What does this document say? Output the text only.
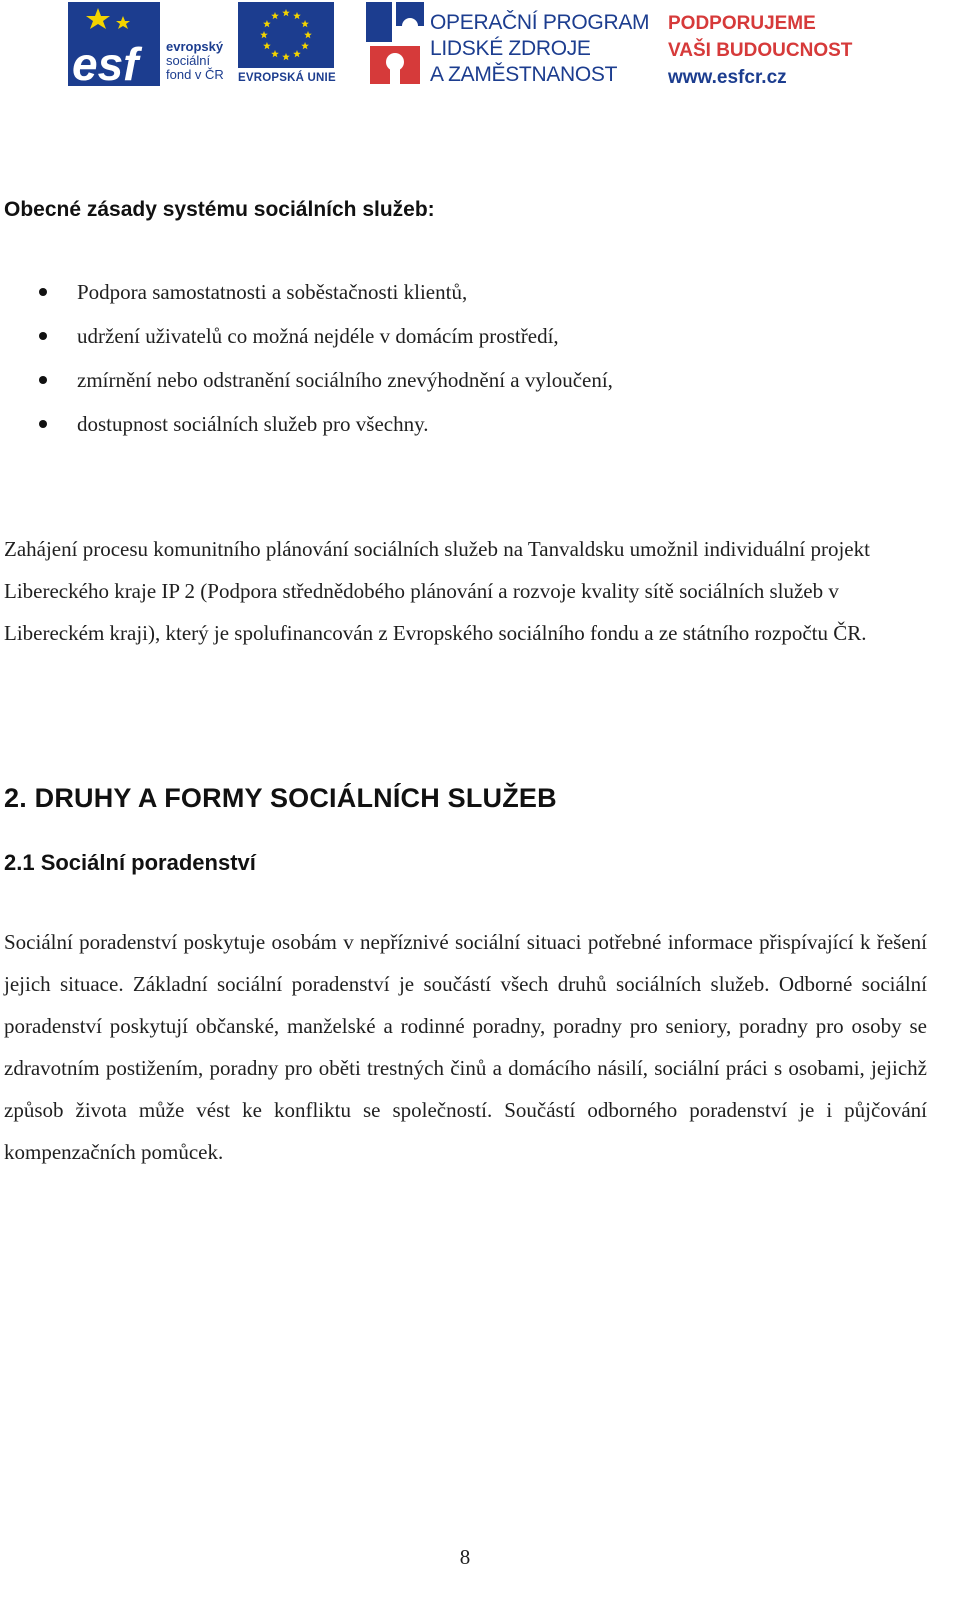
esf	evropský
sociální
fond v ČR EVROPSKÁ UNIE
OPERAČNÍ PROGRAM
LIDSKÉ ZDROJE
A ZAMĚSTNANOST
PODPORUJEME
VAŠI BUDOUCNOST
www.esfcr.cz
Obecné zásady systému sociálních služeb:
Podpora samostatnosti a soběstačnosti klientů,
udržení uživatelů co možná nejdéle v domácím prostředí,
zmírnění nebo odstranění sociálního znevýhodnění a vyloučení,
dostupnost sociálních služeb pro všechny.

Zahájení procesu komunitního plánování sociálních služeb na Tanvaldsku umožnil individuální projekt Libereckého kraje IP 2 (Podpora střednědobého plánování a rozvoje kvality sítě sociálních služeb v Libereckém kraji), který je spolufinancován z Evropského sociálního fondu a ze státního rozpočtu ČR.

2. DRUHY A FORMY SOCIÁLNÍCH SLUŽEB
2.1 Sociální poradenství

Sociální poradenství poskytuje osobám v nepříznivé sociální situaci potřebné informace přispívající k řešení jejich situace. Základní sociální poradenství je součástí všech druhů sociálních služeb. Odborné sociální poradenství poskytují občanské, manželské a rodinné poradny, poradny pro seniory, poradny pro osoby se zdravotním postižením, poradny pro oběti trestných činů a domácího násilí, sociální práci s osobami, jejichž způsob života může vést ke konfliktu se společností. Součástí odborného poradenství je i půjčování kompenzačních pomůcek.

8
